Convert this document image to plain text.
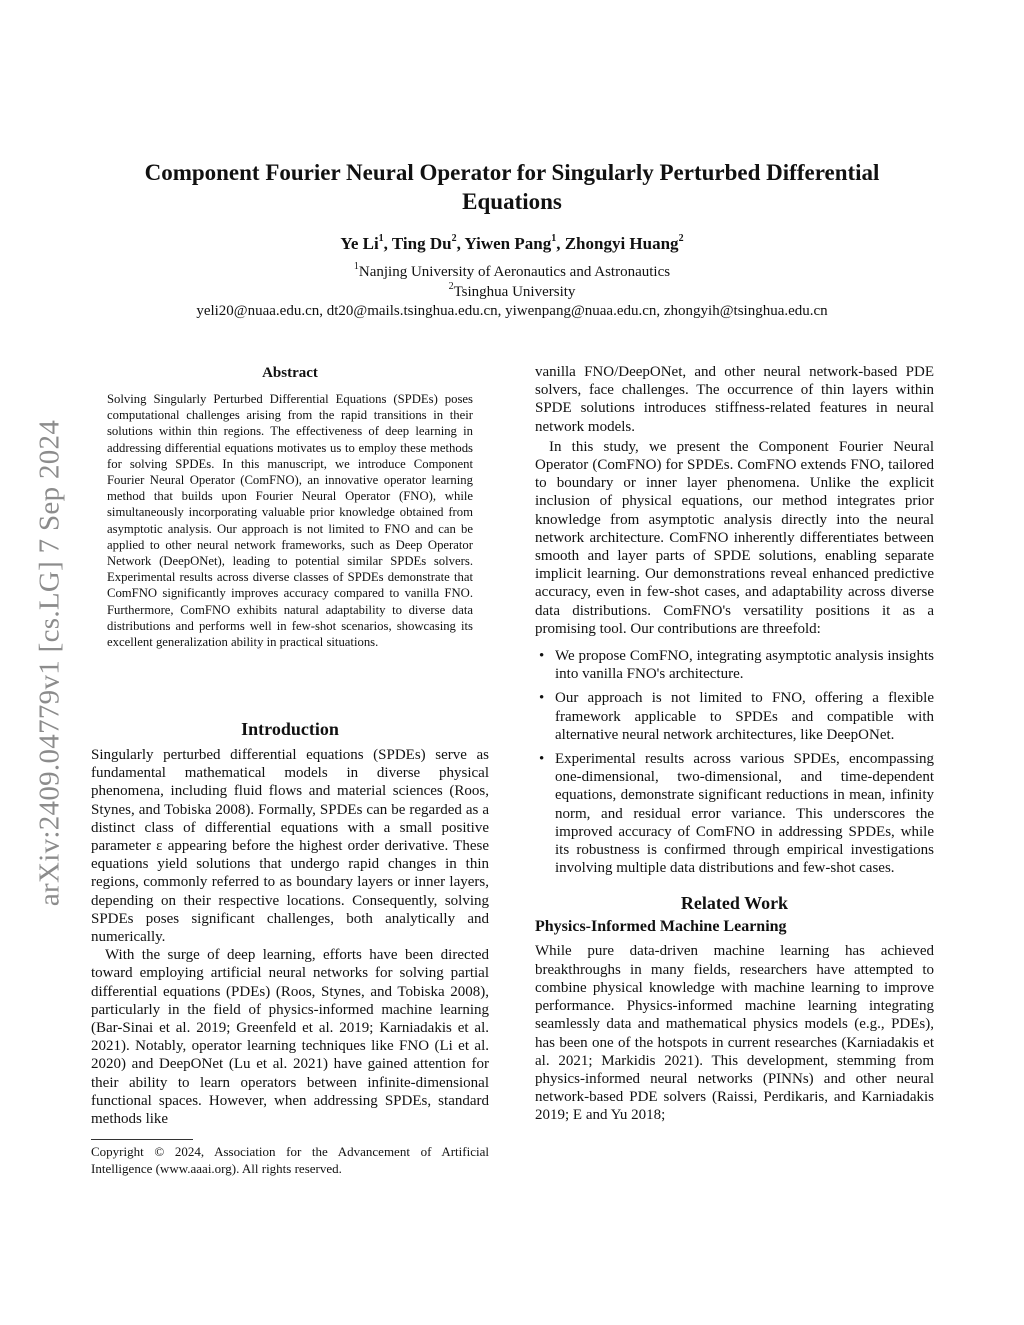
arXiv:2409.04779v1 [cs.LG] 7 Sep 2024
Component Fourier Neural Operator for Singularly Perturbed Differential Equations
Ye Li$^1$, Ting Du$^2$, Yiwen Pang$^1$, Zhongyi Huang$^2$
$^1$Nanjing University of Aeronautics and Astronautics
$^2$Tsinghua University
yeli20@nuaa.edu.cn, dt20@mails.tsinghua.edu.cn, yiwenpang@nuaa.edu.cn, zhongyih@tsinghua.edu.cn
Abstract
Solving Singularly Perturbed Differential Equations (SPDEs) poses computational challenges arising from the rapid transitions in their solutions within thin regions. The effectiveness of deep learning in addressing differential equations motivates us to employ these methods for solving SPDEs. In this manuscript, we introduce Component Fourier Neural Operator (ComFNO), an innovative operator learning method that builds upon Fourier Neural Operator (FNO), while simultaneously incorporating valuable prior knowledge obtained from asymptotic analysis. Our approach is not limited to FNO and can be applied to other neural network frameworks, such as Deep Operator Network (DeepONet), leading to potential similar SPDEs solvers. Experimental results across diverse classes of SPDEs demonstrate that ComFNO significantly improves accuracy compared to vanilla FNO. Furthermore, ComFNO exhibits natural adaptability to diverse data distributions and performs well in few-shot scenarios, showcasing its excellent generalization ability in practical situations.
Introduction

Singularly perturbed differential equations (SPDEs) serve as fundamental mathematical models in diverse physical phenomena, including fluid flows and material sciences (Roos, Stynes, and Tobiska 2008). Formally, SPDEs can be regarded as a distinct class of differential equations with a small positive parameter ε appearing before the highest order derivative. These equations yield solutions that undergo rapid changes in thin regions, commonly referred to as boundary layers or inner layers, depending on their respective locations. Consequently, solving SPDEs poses significant challenges, both analytically and numerically.

With the surge of deep learning, efforts have been directed toward employing artificial neural networks for solving partial differential equations (PDEs) (Roos, Stynes, and Tobiska 2008), particularly in the field of physics-informed machine learning (Bar-Sinai et al. 2019; Greenfeld et al. 2019; Karniadakis et al. 2021). Notably, operator learning techniques like FNO (Li et al. 2020) and DeepONet (Lu et al. 2021) have gained attention for their ability to learn operators between infinite-dimensional functional spaces. However, when addressing SPDEs, standard methods like

Copyright © 2024, Association for the Advancement of Artificial Intelligence (www.aaai.org). All rights reserved.

vanilla FNO/DeepONet, and other neural network-based PDE solvers, face challenges. The occurrence of thin layers within SPDE solutions introduces stiffness-related features in neural network models.

In this study, we present the Component Fourier Neural Operator (ComFNO) for SPDEs. ComFNO extends FNO, tailored to boundary or inner layer phenomena. Unlike the explicit inclusion of physical equations, our method integrates prior knowledge from asymptotic analysis directly into the neural network architecture. ComFNO inherently differentiates between smooth and layer parts of SPDE solutions, enabling separate implicit learning. Our demonstrations reveal enhanced predictive accuracy, even in few-shot cases, and adaptability across diverse data distributions. ComFNO's versatility positions it as a promising tool. Our contributions are threefold:

• We propose ComFNO, integrating asymptotic analysis insights into vanilla FNO's architecture.
• Our approach is not limited to FNO, offering a flexible framework applicable to SPDEs and compatible with alternative neural network architectures, like DeepONet.
• Experimental results across various SPDEs, encompassing one-dimensional, two-dimensional, and time-dependent equations, demonstrate significant reductions in mean, infinity norm, and residual error variance. This underscores the improved accuracy of ComFNO in addressing SPDEs, while its robustness is confirmed through empirical investigations involving multiple data distributions and few-shot cases.
Related Work
Physics-Informed Machine Learning

While pure data-driven machine learning has achieved breakthroughs in many fields, researchers have attempted to combine physical knowledge with machine learning to improve performance. Physics-informed machine learning integrating seamlessly data and mathematical physics models (e.g., PDEs), has been one of the hotspots in current researches (Karniadakis et al. 2021; Markidis 2021). This development, stemming from physics-informed neural networks (PINNs) and other neural network-based PDE solvers (Raissi, Perdikaris, and Karniadakis 2019; E and Yu 2018;
